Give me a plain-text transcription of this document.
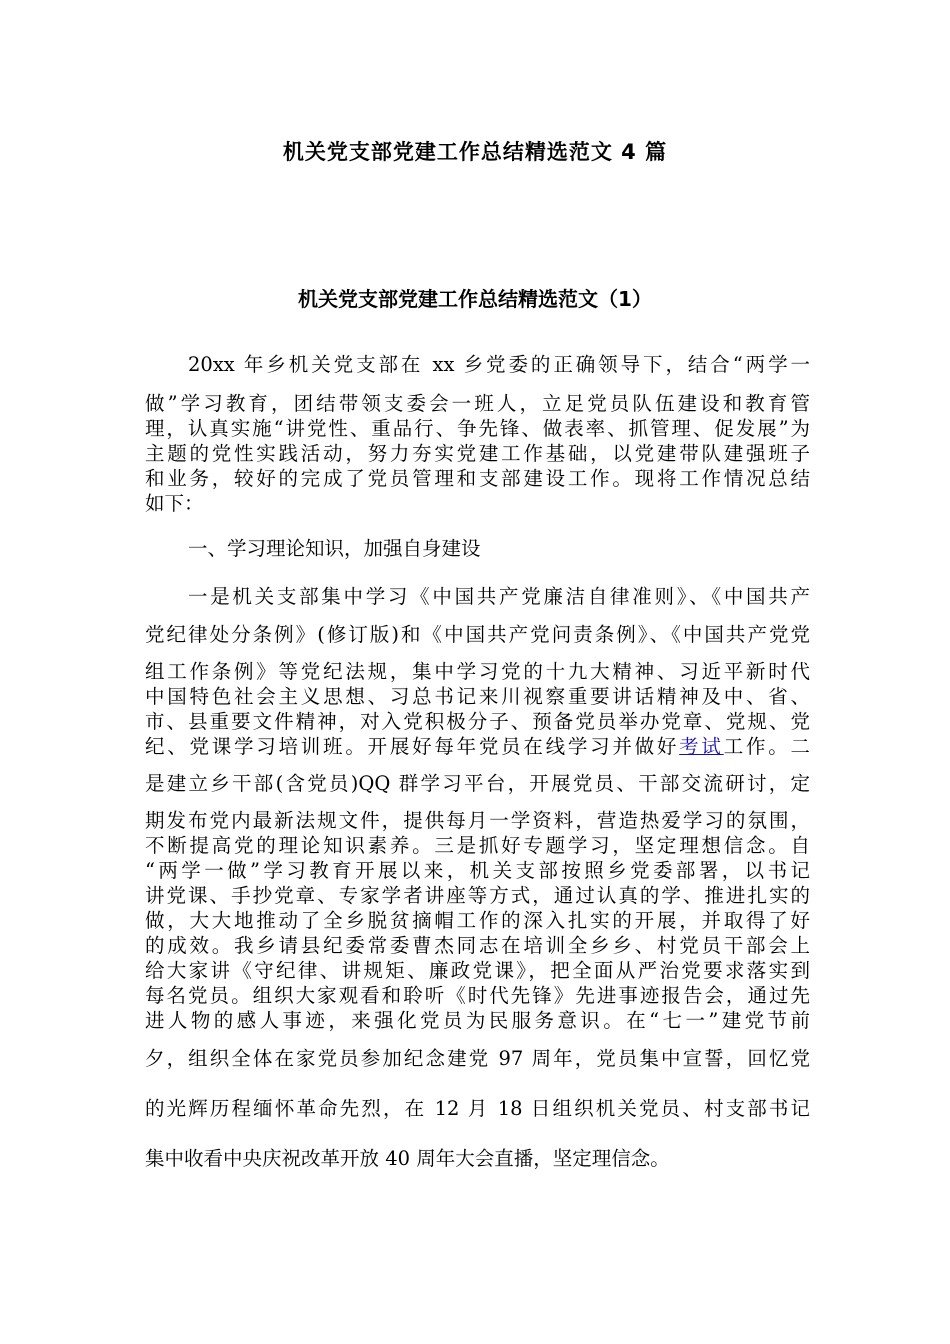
机关党支部党建工作总结精选范文 4 篇
机关党支部党建工作总结精选范文（1）
20xx 年乡机关党支部在 xx 乡党委的正确领导下，结合“两学一
做”学习教育，团结带领支委会一班人，立足党员队伍建设和教育管
理，认真实施“讲党性、重品行、争先锋、做表率、抓管理、促发展”为
主题的党性实践活动，努力夯实党建工作基础，以党建带队建强班子
和业务，较好的完成了党员管理和支部建设工作。现将工作情况总结
如下：
一、学习理论知识，加强自身建设
一是机关支部集中学习《中国共产党廉洁自律准则》、《中国共产
党纪律处分条例》(修订版)和《中国共产党问责条例》、《中国共产党党
组工作条例》等党纪法规，集中学习党的十九大精神、习近平新时代
中国特色社会主义思想、习总书记来川视察重要讲话精神及中、省、
市、县重要文件精神，对入党积极分子、预备党员举办党章、党规、党
纪、党课学习培训班。开展好每年党员在线学习并做好考试工作。二
是建立乡干部(含党员)QQ 群学习平台，开展党员、干部交流研讨，定
期发布党内最新法规文件，提供每月一学资料，营造热爱学习的氛围，
不断提高党的理论知识素养。三是抓好专题学习，坚定理想信念。自
“两学一做”学习教育开展以来，机关支部按照乡党委部署，以书记
讲党课、手抄党章、专家学者讲座等方式，通过认真的学、推进扎实的
做，大大地推动了全乡脱贫摘帽工作的深入扎实的开展，并取得了好
的成效。我乡请县纪委常委曹杰同志在培训全乡乡、村党员干部会上
给大家讲《守纪律、讲规矩、廉政党课》，把全面从严治党要求落实到
每名党员。组织大家观看和聆听《时代先锋》先进事迹报告会，通过先
进人物的感人事迹，来强化党员为民服务意识。在“七一”建党节前
夕，组织全体在家党员参加纪念建党 97 周年，党员集中宣誓，回忆党
的光辉历程缅怀革命先烈，在 12 月 18 日组织机关党员、村支部书记
集中收看中央庆祝改革开放 40 周年大会直播，坚定理信念。
